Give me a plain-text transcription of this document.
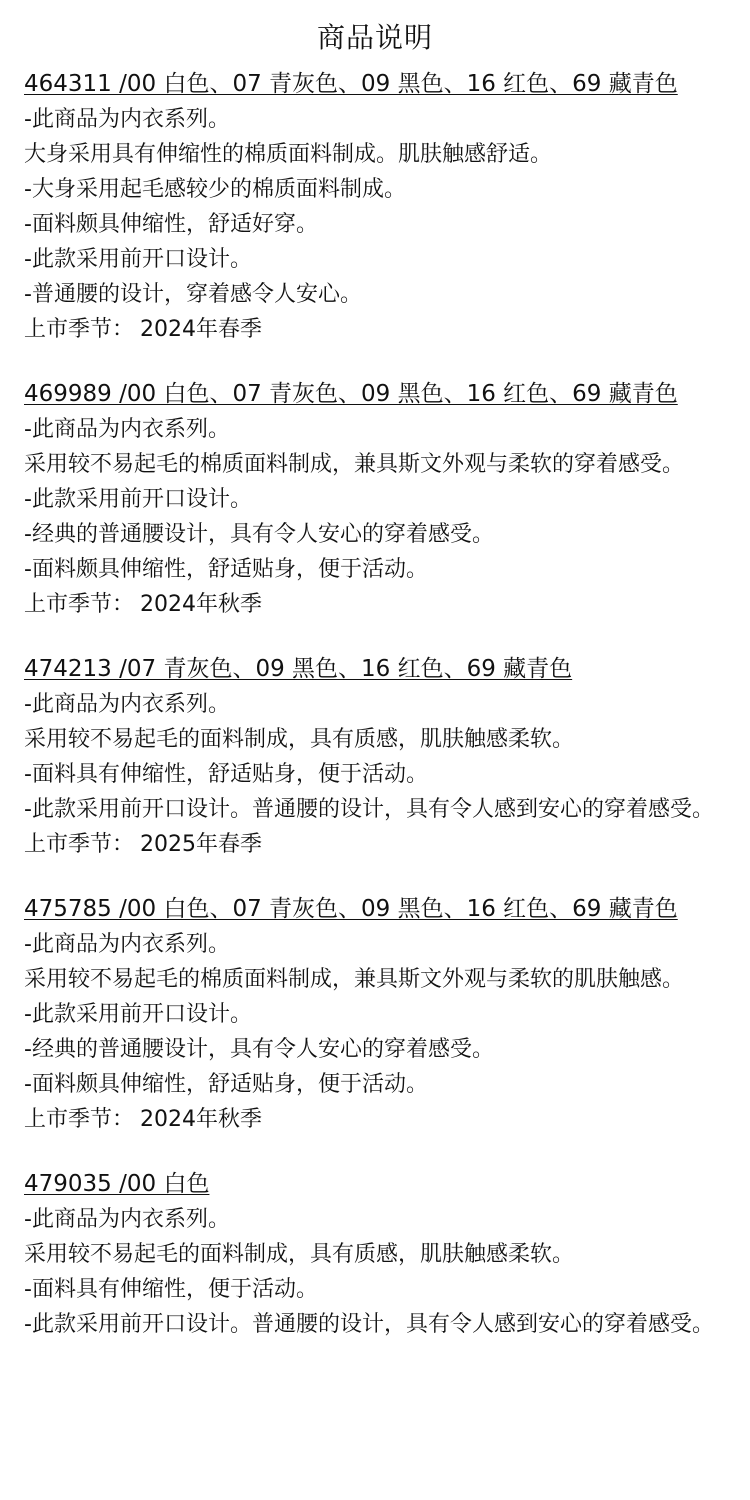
商品说明
464311 /00 白色、07 青灰色、09 黑色、16 红色、69 藏青色
-此商品为内衣系列。
大身采用具有伸缩性的棉质面料制成。肌肤触感舒适。
-大身采用起毛感较少的棉质面料制成。
-面料颇具伸缩性，舒适好穿。
-此款采用前开口设计。
-普通腰的设计，穿着感令人安心。
上市季节： 2024年春季
469989 /00 白色、07 青灰色、09 黑色、16 红色、69 藏青色
-此商品为内衣系列。
采用较不易起毛的棉质面料制成，兼具斯文外观与柔软的穿着感受。
-此款采用前开口设计。
-经典的普通腰设计，具有令人安心的穿着感受。
-面料颇具伸缩性，舒适贴身，便于活动。
上市季节： 2024年秋季
474213 /07 青灰色、09 黑色、16 红色、69 藏青色
-此商品为内衣系列。
采用较不易起毛的面料制成，具有质感，肌肤触感柔软。
-面料具有伸缩性，舒适贴身，便于活动。
-此款采用前开口设计。普通腰的设计，具有令人感到安心的穿着感受。
上市季节： 2025年春季
475785 /00 白色、07 青灰色、09 黑色、16 红色、69 藏青色
-此商品为内衣系列。
采用较不易起毛的棉质面料制成，兼具斯文外观与柔软的肌肤触感。
-此款采用前开口设计。
-经典的普通腰设计，具有令人安心的穿着感受。
-面料颇具伸缩性，舒适贴身，便于活动。
上市季节： 2024年秋季
479035 /00 白色
-此商品为内衣系列。
采用较不易起毛的面料制成，具有质感，肌肤触感柔软。
-面料具有伸缩性，便于活动。
-此款采用前开口设计。普通腰的设计，具有令人感到安心的穿着感受。
